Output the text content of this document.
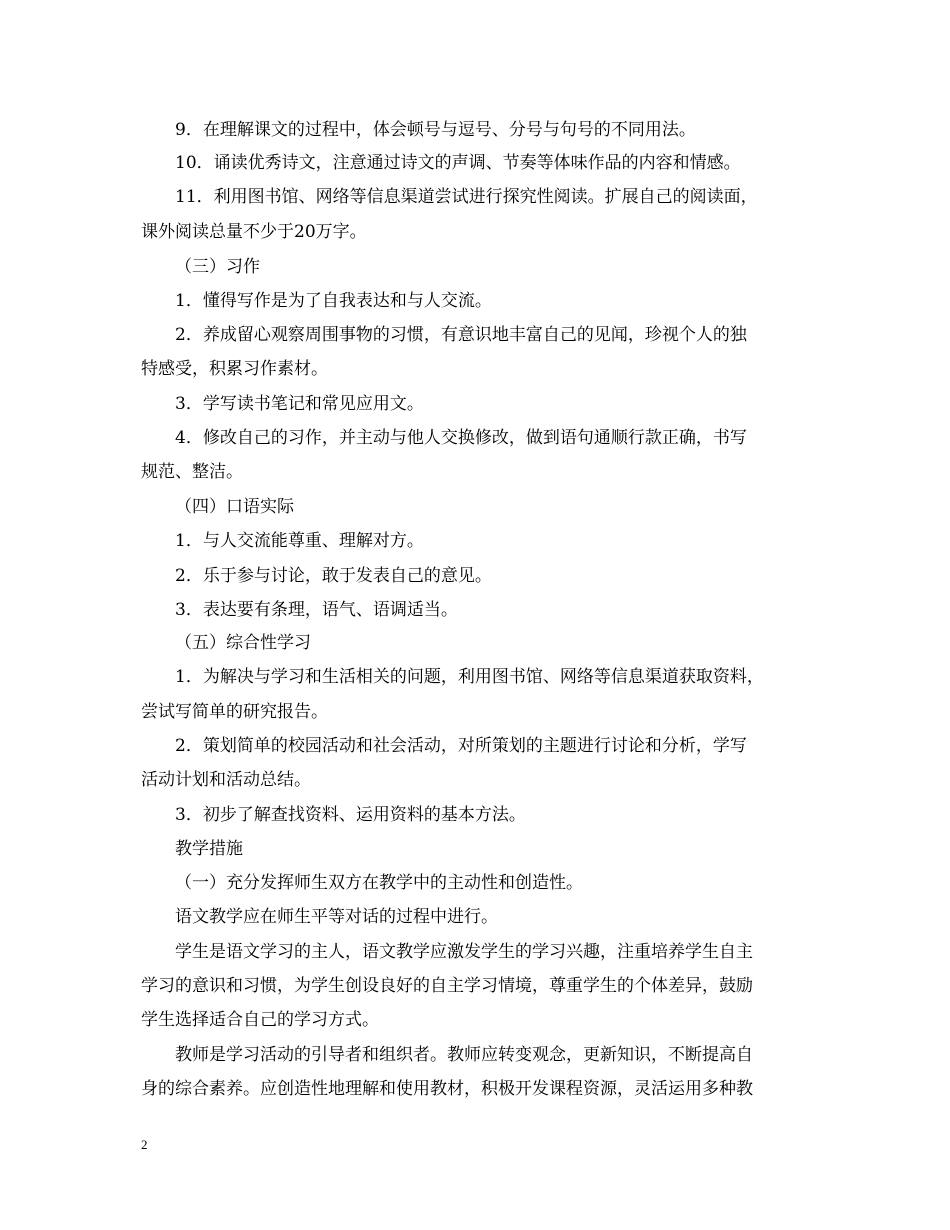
9．在理解课文的过程中，体会顿号与逗号、分号与句号的不同用法。

10．诵读优秀诗文，注意通过诗文的声调、节奏等体味作品的内容和情感。

11．利用图书馆、网络等信息渠道尝试进行探究性阅读。扩展自己的阅读面，

课外阅读总量不少于20万字。

（三）习作

1．懂得写作是为了自我表达和与人交流。

2．养成留心观察周围事物的习惯，有意识地丰富自己的见闻，珍视个人的独

特感受，积累习作素材。

3．学写读书笔记和常见应用文。

4．修改自己的习作，并主动与他人交换修改，做到语句通顺行款正确，书写

规范、整洁。

（四）口语实际

1．与人交流能尊重、理解对方。

2．乐于参与讨论，敢于发表自己的意见。

3．表达要有条理，语气、语调适当。

（五）综合性学习

1．为解决与学习和生活相关的问题，利用图书馆、网络等信息渠道获取资料，

尝试写简单的研究报告。

2．策划简单的校园活动和社会活动，对所策划的主题进行讨论和分析，学写

活动计划和活动总结。

3．初步了解查找资料、运用资料的基本方法。

教学措施

（一）充分发挥师生双方在教学中的主动性和创造性。

语文教学应在师生平等对话的过程中进行。

学生是语文学习的主人，语文教学应激发学生的学习兴趣，注重培养学生自主

学习的意识和习惯，为学生创设良好的自主学习情境，尊重学生的个体差异，鼓励

学生选择适合自己的学习方式。

教师是学习活动的引导者和组织者。教师应转变观念，更新知识，不断提高自

身的综合素养。应创造性地理解和使用教材，积极开发课程资源，灵活运用多种教

2
